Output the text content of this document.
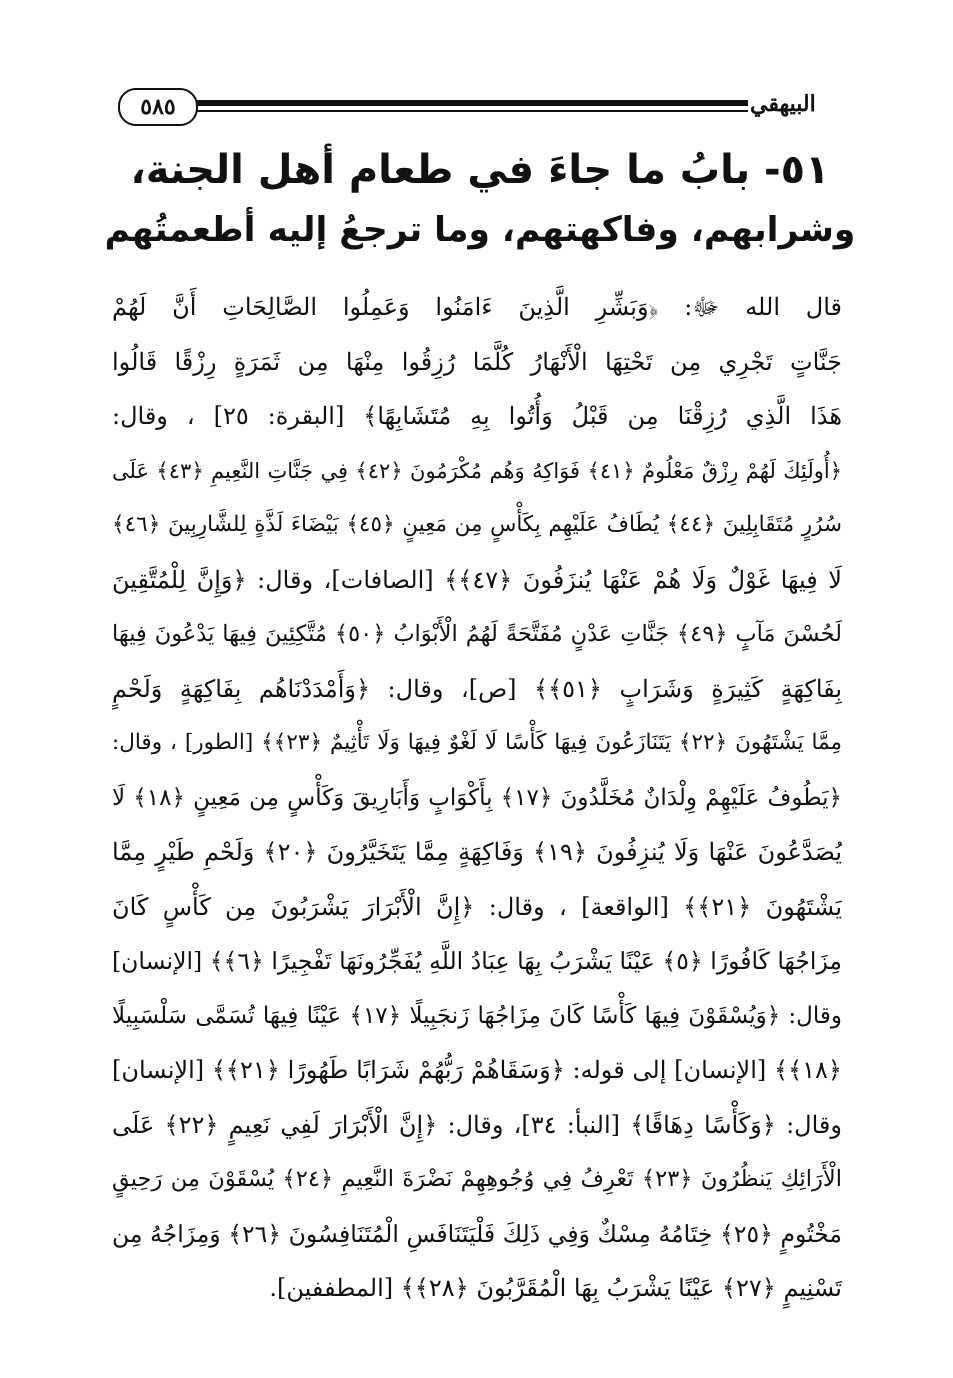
٥٨٥	البيهقي
٥١- بابُ ما جاءَ في طعام أهل الجنة،
وشرابهم، وفاكهتهم، وما ترجعُ إليه أطعمتُهم
قال الله ﷻ: ﴿وَبَشِّرِ الَّذِينَ ءَامَنُوا وَعَمِلُوا الصَّالِحَاتِ أَنَّ لَهُمْ
جَنَّاتٍ تَجْرِي مِن تَحْتِهَا الْأَنْهَارُ كُلَّمَا رُزِقُوا مِنْهَا مِن ثَمَرَةٍ رِزْقًا قَالُوا
هَذَا الَّذِي رُزِقْنَا مِن قَبْلُ وَأُتُوا بِهِ مُتَشَابِهًا﴾ [البقرة: ٢٥] ، وقال:
﴿أُولَئِكَ لَهُمْ رِزْقٌ مَعْلُومٌ ﴿٤١﴾ فَوَاكِهُ وَهُم مُكْرَمُونَ ﴿٤٢﴾ فِي جَنَّاتِ النَّعِيمِ ﴿٤٣﴾ عَلَى
سُرُرٍ مُتَقَابِلِينَ ﴿٤٤﴾ يُطَافُ عَلَيْهِم بِكَأْسٍ مِن مَعِينٍ ﴿٤٥﴾ بَيْضَاءَ لَذَّةٍ لِلشَّارِبِينَ ﴿٤٦﴾
لَا فِيهَا غَوْلٌ وَلَا هُمْ عَنْهَا يُنزَفُونَ ﴿٤٧﴾﴾ [الصافات]، وقال: ﴿وَإِنَّ لِلْمُتَّقِينَ
لَحُسْنَ مَآبٍ ﴿٤٩﴾ جَنَّاتِ عَدْنٍ مُفَتَّحَةً لَهُمُ الْأَبْوَابُ ﴿٥٠﴾ مُتَّكِئِينَ فِيهَا يَدْعُونَ فِيهَا
بِفَاكِهَةٍ كَثِيرَةٍ وَشَرَابٍ ﴿٥١﴾﴾ [ص]، وقال: ﴿وَأَمْدَدْنَاهُم بِفَاكِهَةٍ وَلَحْمٍ
مِمَّا يَشْتَهُونَ ﴿٢٢﴾ يَتَنَازَعُونَ فِيهَا كَأْسًا لَا لَغْوٌ فِيهَا وَلَا تَأْثِيمٌ ﴿٢٣﴾﴾ [الطور] ، وقال:
﴿يَطُوفُ عَلَيْهِمْ وِلْدَانٌ مُخَلَّدُونَ ﴿١٧﴾ بِأَكْوَابٍ وَأَبَارِيقَ وَكَأْسٍ مِن مَعِينٍ ﴿١٨﴾ لَا
يُصَدَّعُونَ عَنْهَا وَلَا يُنزِفُونَ ﴿١٩﴾ وَفَاكِهَةٍ مِمَّا يَتَخَيَّرُونَ ﴿٢٠﴾ وَلَحْمِ طَيْرٍ مِمَّا
يَشْتَهُونَ ﴿٢١﴾﴾ [الواقعة] ، وقال: ﴿إِنَّ الْأَبْرَارَ يَشْرَبُونَ مِن كَأْسٍ كَانَ
مِزَاجُهَا كَافُورًا ﴿٥﴾ عَيْنًا يَشْرَبُ بِهَا عِبَادُ اللَّهِ يُفَجِّرُونَهَا تَفْجِيرًا ﴿٦﴾﴾ [الإنسان]
وقال: ﴿وَيُسْقَوْنَ فِيهَا كَأْسًا كَانَ مِزَاجُهَا زَنجَبِيلًا ﴿١٧﴾ عَيْنًا فِيهَا تُسَمَّى سَلْسَبِيلًا
﴿١٨﴾﴾ [الإنسان] إلى قوله: ﴿وَسَقَاهُمْ رَبُّهُمْ شَرَابًا طَهُورًا ﴿٢١﴾﴾ [الإنسان]
وقال: ﴿وَكَأْسًا دِهَاقًا﴾ [النبأ: ٣٤]، وقال: ﴿إِنَّ الْأَبْرَارَ لَفِي نَعِيمٍ ﴿٢٢﴾ عَلَى
الْأَرَائِكِ يَنظُرُونَ ﴿٢٣﴾ تَعْرِفُ فِي وُجُوهِهِمْ نَضْرَةَ النَّعِيمِ ﴿٢٤﴾ يُسْقَوْنَ مِن رَحِيقٍ
مَخْتُومٍ ﴿٢٥﴾ خِتَامُهُ مِسْكٌ وَفِي ذَلِكَ فَلْيَتَنَافَسِ الْمُتَنَافِسُونَ ﴿٢٦﴾ وَمِزَاجُهُ مِن
تَسْنِيمٍ ﴿٢٧﴾ عَيْنًا يَشْرَبُ بِهَا الْمُقَرَّبُونَ ﴿٢٨﴾﴾ [المطففين].
